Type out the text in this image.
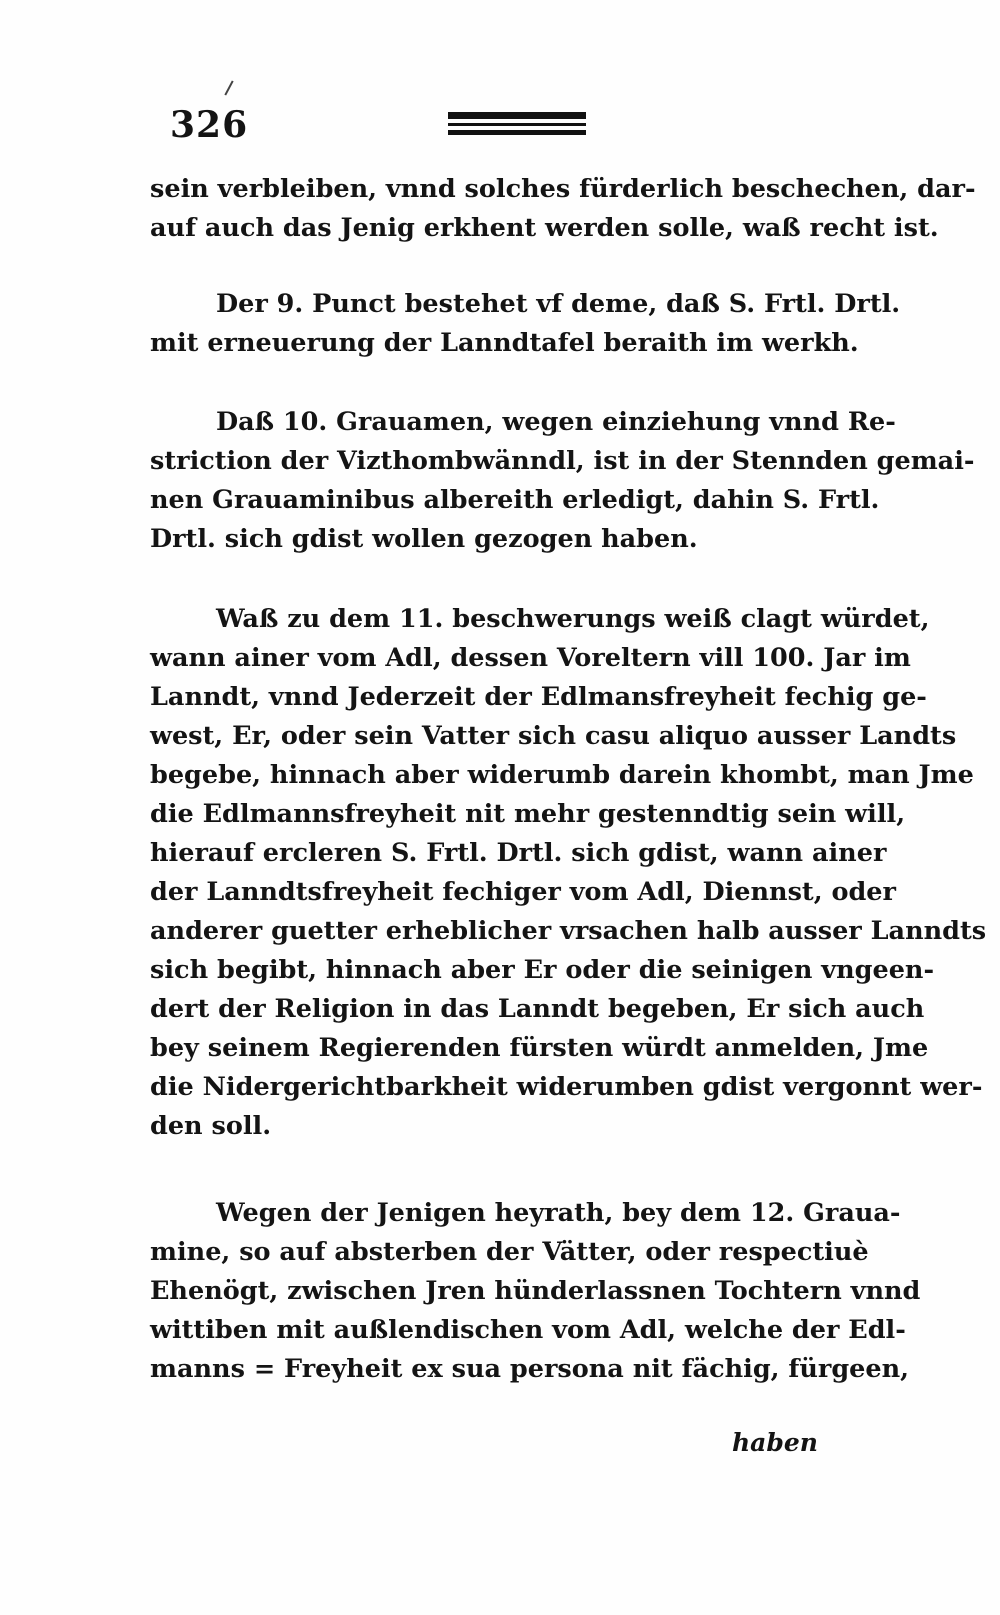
326
sein verbleiben, vnnd solches fürderlich beschechen, dar-
auf auch das Jenig erkhent werden solle, waß recht ist.
Der 9. Punct bestehet vf deme, daß S. Frtl. Drtl.
mit erneuerung der Lanndtafel beraith im werkh.
Daß 10. Grauamen, wegen einziehung vnnd Re-
striction der Vizthombwänndl, ist in der Stennden gemai-
nen Grauaminibus albereith erledigt, dahin S. Frtl.
Drtl. sich gdist wollen gezogen haben.
Waß zu dem 11. beschwerungs weiß clagt würdet,
wann ainer vom Adl, dessen Voreltern vill 100. Jar im
Lanndt, vnnd Jederzeit der Edlmansfreyheit fechig ge-
west, Er, oder sein Vatter sich casu aliquo ausser Landts
begebe, hinnach aber widerumb darein khombt, man Jme
die Edlmannsfreyheit nit mehr gestenndtig sein will,
hierauf ercleren S. Frtl. Drtl. sich gdist, wann ainer
der Lanndtsfreyheit fechiger vom Adl, Diennst, oder
anderer guetter erheblicher vrsachen halb ausser Lanndts
sich begibt, hinnach aber Er oder die seinigen vngeen-
dert der Religion in das Lanndt begeben, Er sich auch
bey seinem Regierenden fürsten würdt anmelden, Jme
die Nidergerichtbarkheit widerumben gdist vergonnt wer-
den soll.
Wegen der Jenigen heyrath, bey dem 12. Graua-
mine, so auf absterben der Vätter, oder respectiuè
Ehenögt, zwischen Jren hünderlassnen Tochtern vnnd
wittiben mit außlendischen vom Adl, welche der Edl-
manns = Freyheit ex sua persona nit fächig, fürgeen,
haben
